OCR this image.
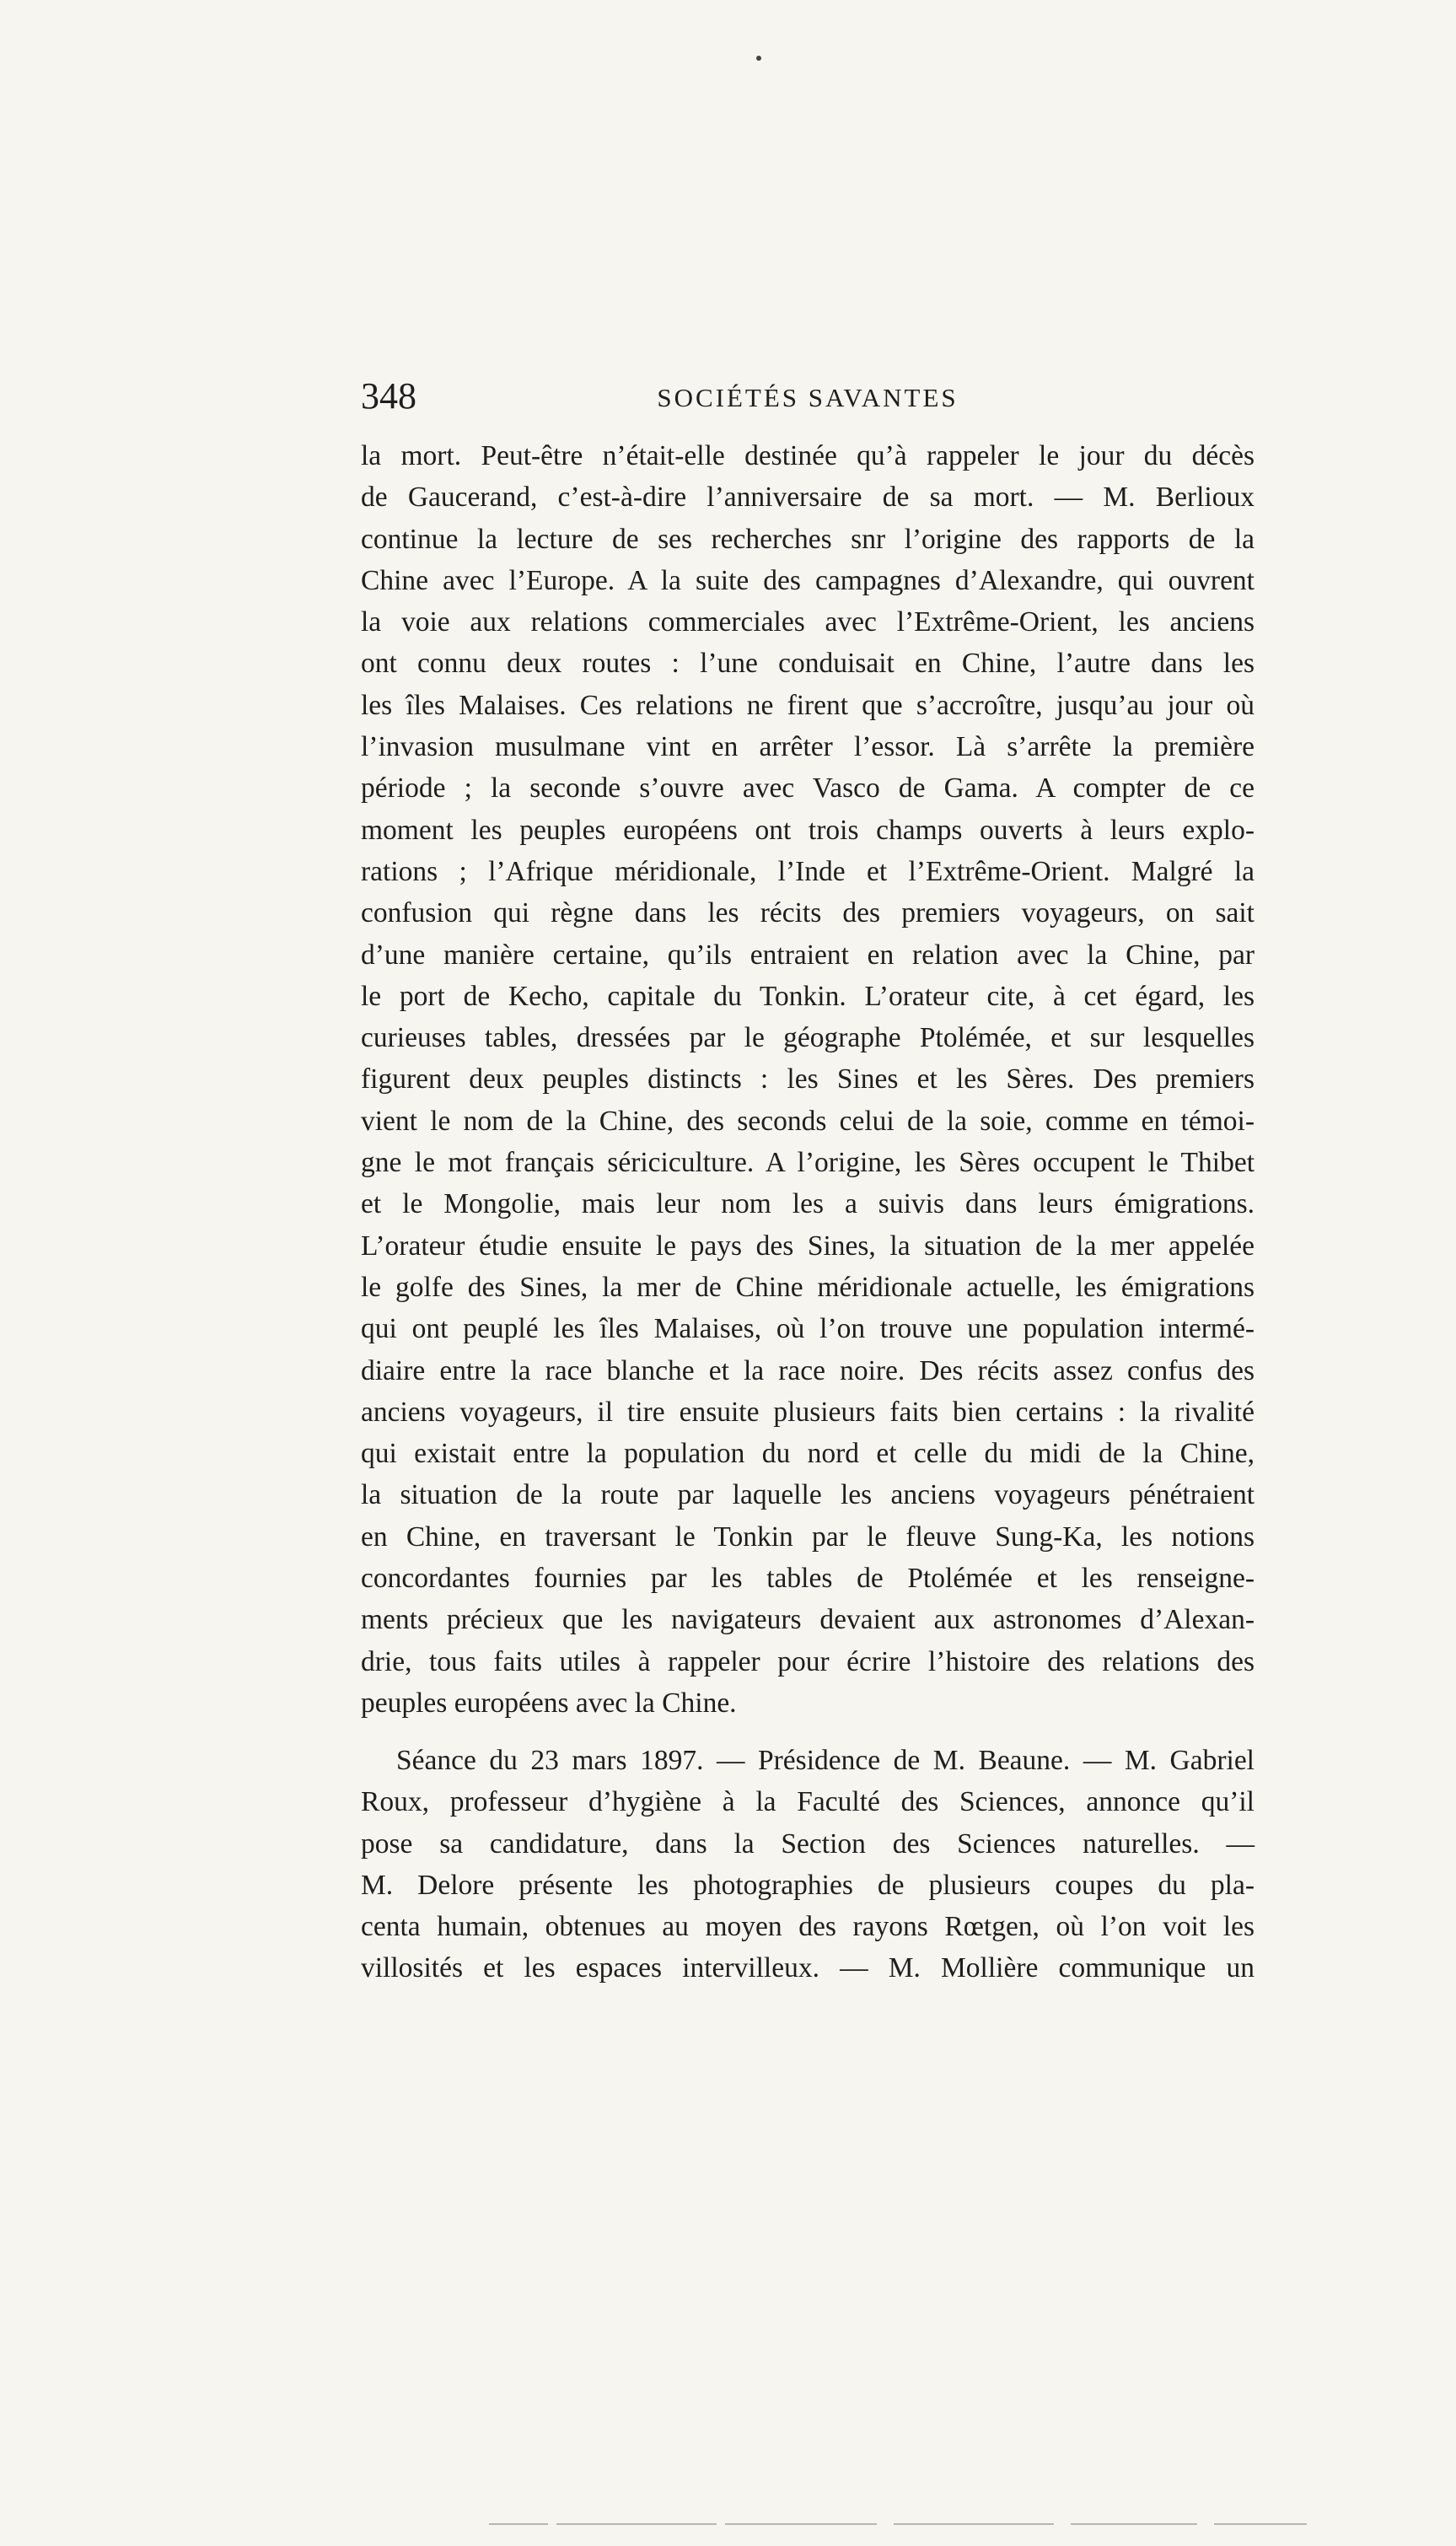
348	SOCIÉTÉS SAVANTES
la mort. Peut-être n’était-elle destinée qu’à rappeler le jour du décès
de Gaucerand, c’est-à-dire l’anniversaire de sa mort. — M. Berlioux
continue la lecture de ses recherches snr l’origine des rapports de la
Chine avec l’Europe. A la suite des campagnes d’Alexandre, qui ouvrent
la voie aux relations commerciales avec l’Extrême-Orient, les anciens
ont connu deux routes : l’une conduisait en Chine, l’autre dans les
les îles Malaises. Ces relations ne firent que s’accroître, jusqu’au jour où
l’invasion musulmane vint en arrêter l’essor. Là s’arrête la première
période ; la seconde s’ouvre avec Vasco de Gama. A compter de ce
moment les peuples européens ont trois champs ouverts à leurs explo-
rations ; l’Afrique méridionale, l’Inde et l’Extrême-Orient. Malgré la
confusion qui règne dans les récits des premiers voyageurs, on sait
d’une manière certaine, qu’ils entraient en relation avec la Chine, par
le port de Kecho, capitale du Tonkin. L’orateur cite, à cet égard, les
curieuses tables, dressées par le géographe Ptolémée, et sur lesquelles
figurent deux peuples distincts : les Sines et les Sères. Des premiers
vient le nom de la Chine, des seconds celui de la soie, comme en témoi-
gne le mot français sériciculture. A l’origine, les Sères occupent le Thibet
et le Mongolie, mais leur nom les a suivis dans leurs émigrations.
L’orateur étudie ensuite le pays des Sines, la situation de la mer appelée
le golfe des Sines, la mer de Chine méridionale actuelle, les émigrations
qui ont peuplé les îles Malaises, où l’on trouve une population intermé-
diaire entre la race blanche et la race noire. Des récits assez confus des
anciens voyageurs, il tire ensuite plusieurs faits bien certains : la rivalité
qui existait entre la population du nord et celle du midi de la Chine,
la situation de la route par laquelle les anciens voyageurs pénétraient
en Chine, en traversant le Tonkin par le fleuve Sung-Ka, les notions
concordantes fournies par les tables de Ptolémée et les renseigne-
ments précieux que les navigateurs devaient aux astronomes d’Alexan-
drie, tous faits utiles à rappeler pour écrire l’histoire des relations des
peuples européens avec la Chine.
Séance du 23 mars 1897. — Présidence de M. Beaune. — M. Gabriel
Roux, professeur d’hygiène à la Faculté des Sciences, annonce qu’il
pose sa candidature, dans la Section des Sciences naturelles. —
M. Delore présente les photographies de plusieurs coupes du pla-
centa humain, obtenues au moyen des rayons Rœtgen, où l’on voit les
villosités et les espaces intervilleux. — M. Mollière communique un
